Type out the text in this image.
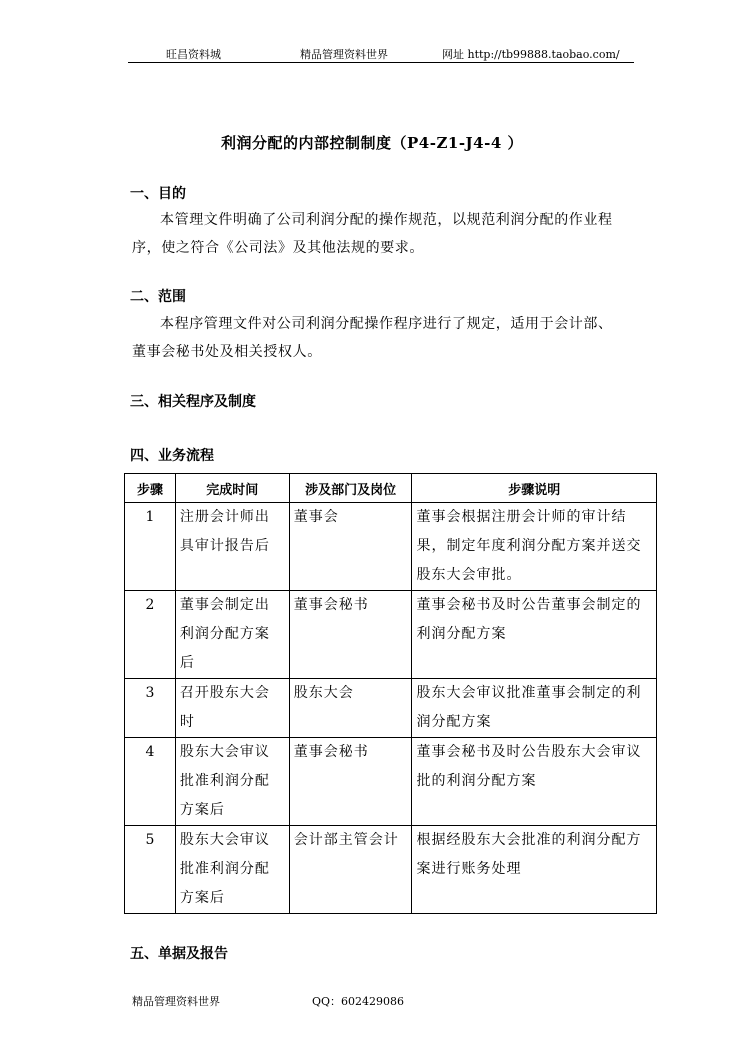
旺昌资料城	精品管理资料世界	网址 http://tb99888.taobao.com/
利润分配的内部控制制度（P4-Z1-J4-4 ）
一、目的
本管理文件明确了公司利润分配的操作规范，以规范利润分配的作业程
序，使之符合《公司法》及其他法规的要求。
二、范围
本程序管理文件对公司利润分配操作程序进行了规定，适用于会计部、
董事会秘书处及相关授权人。
三、相关程序及制度
四、业务流程
步骤	完成时间	涉及部门及岗位	步骤说明
1	注册会计师出具审计报告后	董事会	董事会根据注册会计师的审计结果，制定年度利润分配方案并送交股东大会审批。
2	董事会制定出利润分配方案后	董事会秘书	董事会秘书及时公告董事会制定的利润分配方案
3	召开股东大会时	股东大会	股东大会审议批准董事会制定的利润分配方案
4	股东大会审议批准利润分配方案后	董事会秘书	董事会秘书及时公告股东大会审议批的利润分配方案
5	股东大会审议批准利润分配方案后	会计部主管会计	根据经股东大会批准的利润分配方案进行账务处理
五、单据及报告
精品管理资料世界	QQ：602429086
